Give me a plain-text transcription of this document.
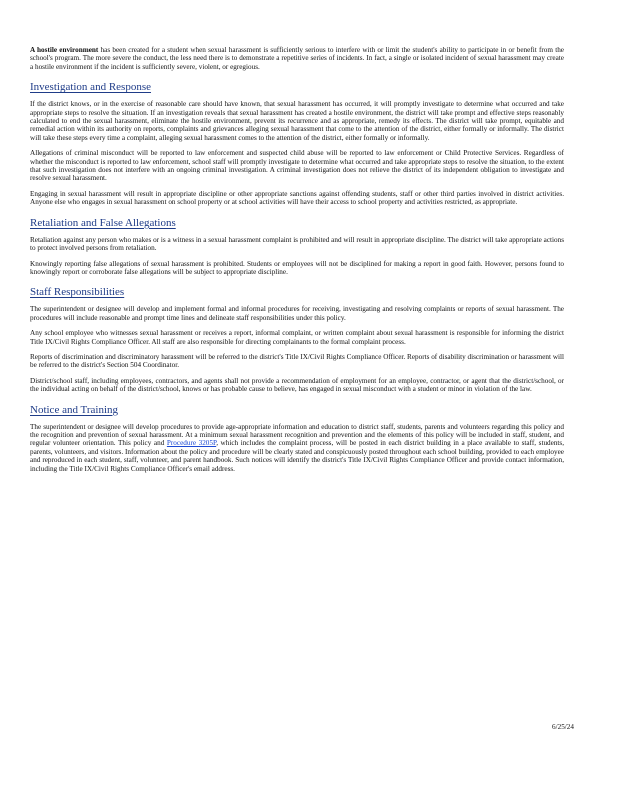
A hostile environment has been created for a student when sexual harassment is sufficiently serious to interfere with or limit the student's ability to participate in or benefit from the school's program. The more severe the conduct, the less need there is to demonstrate a repetitive series of incidents. In fact, a single or isolated incident of sexual harassment may create a hostile environment if the incident is sufficiently severe, violent, or egregious.

Investigation and Response

If the district knows, or in the exercise of reasonable care should have known, that sexual harassment has occurred, it will promptly investigate to determine what occurred and take appropriate steps to resolve the situation. If an investigation reveals that sexual harassment has created a hostile environment, the district will take prompt and effective steps reasonably calculated to end the sexual harassment, eliminate the hostile environment, prevent its recurrence and as appropriate, remedy its effects. The district will take prompt, equitable and remedial action within its authority on reports, complaints and grievances alleging sexual harassment that come to the attention of the district, either formally or informally. The district will take these steps every time a complaint, alleging sexual harassment comes to the attention of the district, either formally or informally.

Allegations of criminal misconduct will be reported to law enforcement and suspected child abuse will be reported to law enforcement or Child Protective Services. Regardless of whether the misconduct is reported to law enforcement, school staff will promptly investigate to determine what occurred and take appropriate steps to resolve the situation, to the extent that such investigation does not interfere with an ongoing criminal investigation. A criminal investigation does not relieve the district of its independent obligation to investigate and resolve sexual harassment.

Engaging in sexual harassment will result in appropriate discipline or other appropriate sanctions against offending students, staff or other third parties involved in district activities. Anyone else who engages in sexual harassment on school property or at school activities will have their access to school property and activities restricted, as appropriate.

Retaliation and False Allegations

Retaliation against any person who makes or is a witness in a sexual harassment complaint is prohibited and will result in appropriate discipline. The district will take appropriate actions to protect involved persons from retaliation.

Knowingly reporting false allegations of sexual harassment is prohibited. Students or employees will not be disciplined for making a report in good faith. However, persons found to knowingly report or corroborate false allegations will be subject to appropriate discipline.

Staff Responsibilities

The superintendent or designee will develop and implement formal and informal procedures for receiving, investigating and resolving complaints or reports of sexual harassment. The procedures will include reasonable and prompt time lines and delineate staff responsibilities under this policy.

Any school employee who witnesses sexual harassment or receives a report, informal complaint, or written complaint about sexual harassment is responsible for informing the district Title IX/Civil Rights Compliance Officer. All staff are also responsible for directing complainants to the formal complaint process.

Reports of discrimination and discriminatory harassment will be referred to the district's Title IX/Civil Rights Compliance Officer. Reports of disability discrimination or harassment will be referred to the district's Section 504 Coordinator.

District/school staff, including employees, contractors, and agents shall not provide a recommendation of employment for an employee, contractor, or agent that the district/school, or the individual acting on behalf of the district/school, knows or has probable cause to believe, has engaged in sexual misconduct with a student or minor in violation of the law.

Notice and Training

The superintendent or designee will develop procedures to provide age-appropriate information and education to district staff, students, parents and volunteers regarding this policy and the recognition and prevention of sexual harassment. At a minimum sexual harassment recognition and prevention and the elements of this policy will be included in staff, student, and regular volunteer orientation. This policy and Procedure 3205P, which includes the complaint process, will be posted in each district building in a place available to staff, students, parents, volunteers, and visitors. Information about the policy and procedure will be clearly stated and conspicuously posted throughout each school building, provided to each employee and reproduced in each student, staff, volunteer, and parent handbook. Such notices will identify the district's Title IX/Civil Rights Compliance Officer and provide contact information, including the Title IX/Civil Rights Compliance Officer's email address.

6/25/24
